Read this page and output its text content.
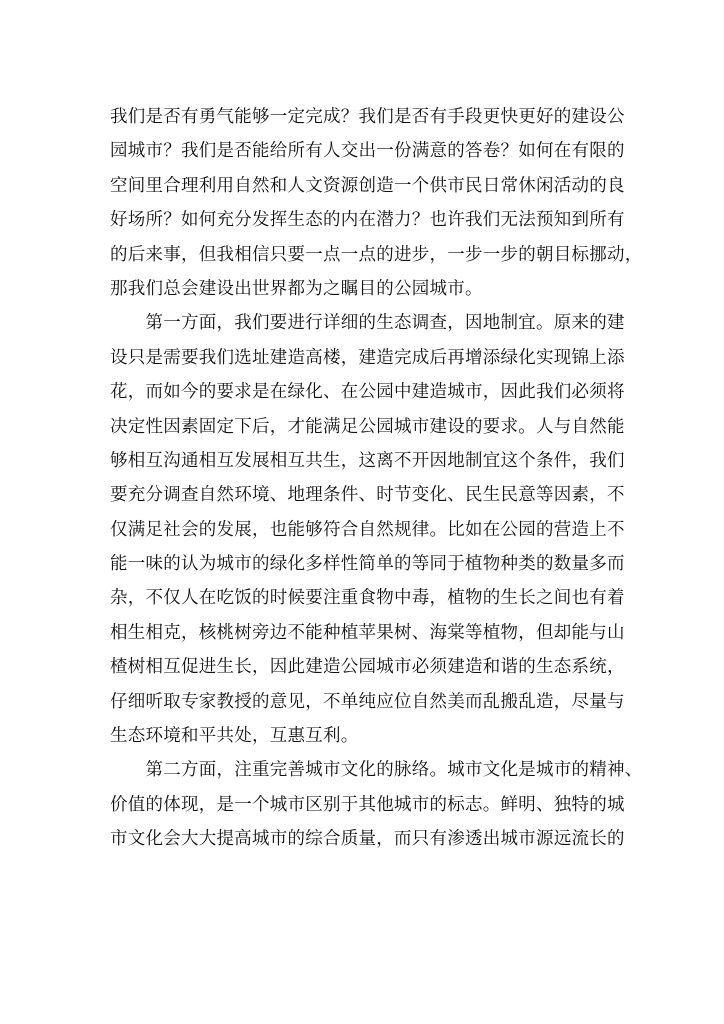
我们是否有勇气能够一定完成？我们是否有手段更快更好的建设公
园城市？我们是否能给所有人交出一份满意的答卷？如何在有限的
空间里合理利用自然和人文资源创造一个供市民日常休闲活动的良
好场所？如何充分发挥生态的内在潜力？也许我们无法预知到所有
的后来事，但我相信只要一点一点的进步，一步一步的朝目标挪动，
那我们总会建设出世界都为之瞩目的公园城市。
　　第一方面，我们要进行详细的生态调查，因地制宜。原来的建
设只是需要我们选址建造高楼，建造完成后再增添绿化实现锦上添
花，而如今的要求是在绿化、在公园中建造城市，因此我们必须将
决定性因素固定下后，才能满足公园城市建设的要求。人与自然能
够相互沟通相互发展相互共生，这离不开因地制宜这个条件，我们
要充分调查自然环境、地理条件、时节变化、民生民意等因素，不
仅满足社会的发展，也能够符合自然规律。比如在公园的营造上不
能一味的认为城市的绿化多样性简单的等同于植物种类的数量多而
杂，不仅人在吃饭的时候要注重食物中毒，植物的生长之间也有着
相生相克，核桃树旁边不能种植苹果树、海棠等植物，但却能与山
楂树相互促进生长，因此建造公园城市必须建造和谐的生态系统，
仔细听取专家教授的意见，不单纯应位自然美而乱搬乱造，尽量与
生态环境和平共处，互惠互利。
　　第二方面，注重完善城市文化的脉络。城市文化是城市的精神、
价值的体现，是一个城市区别于其他城市的标志。鲜明、独特的城
市文化会大大提高城市的综合质量，而只有渗透出城市源远流长的
